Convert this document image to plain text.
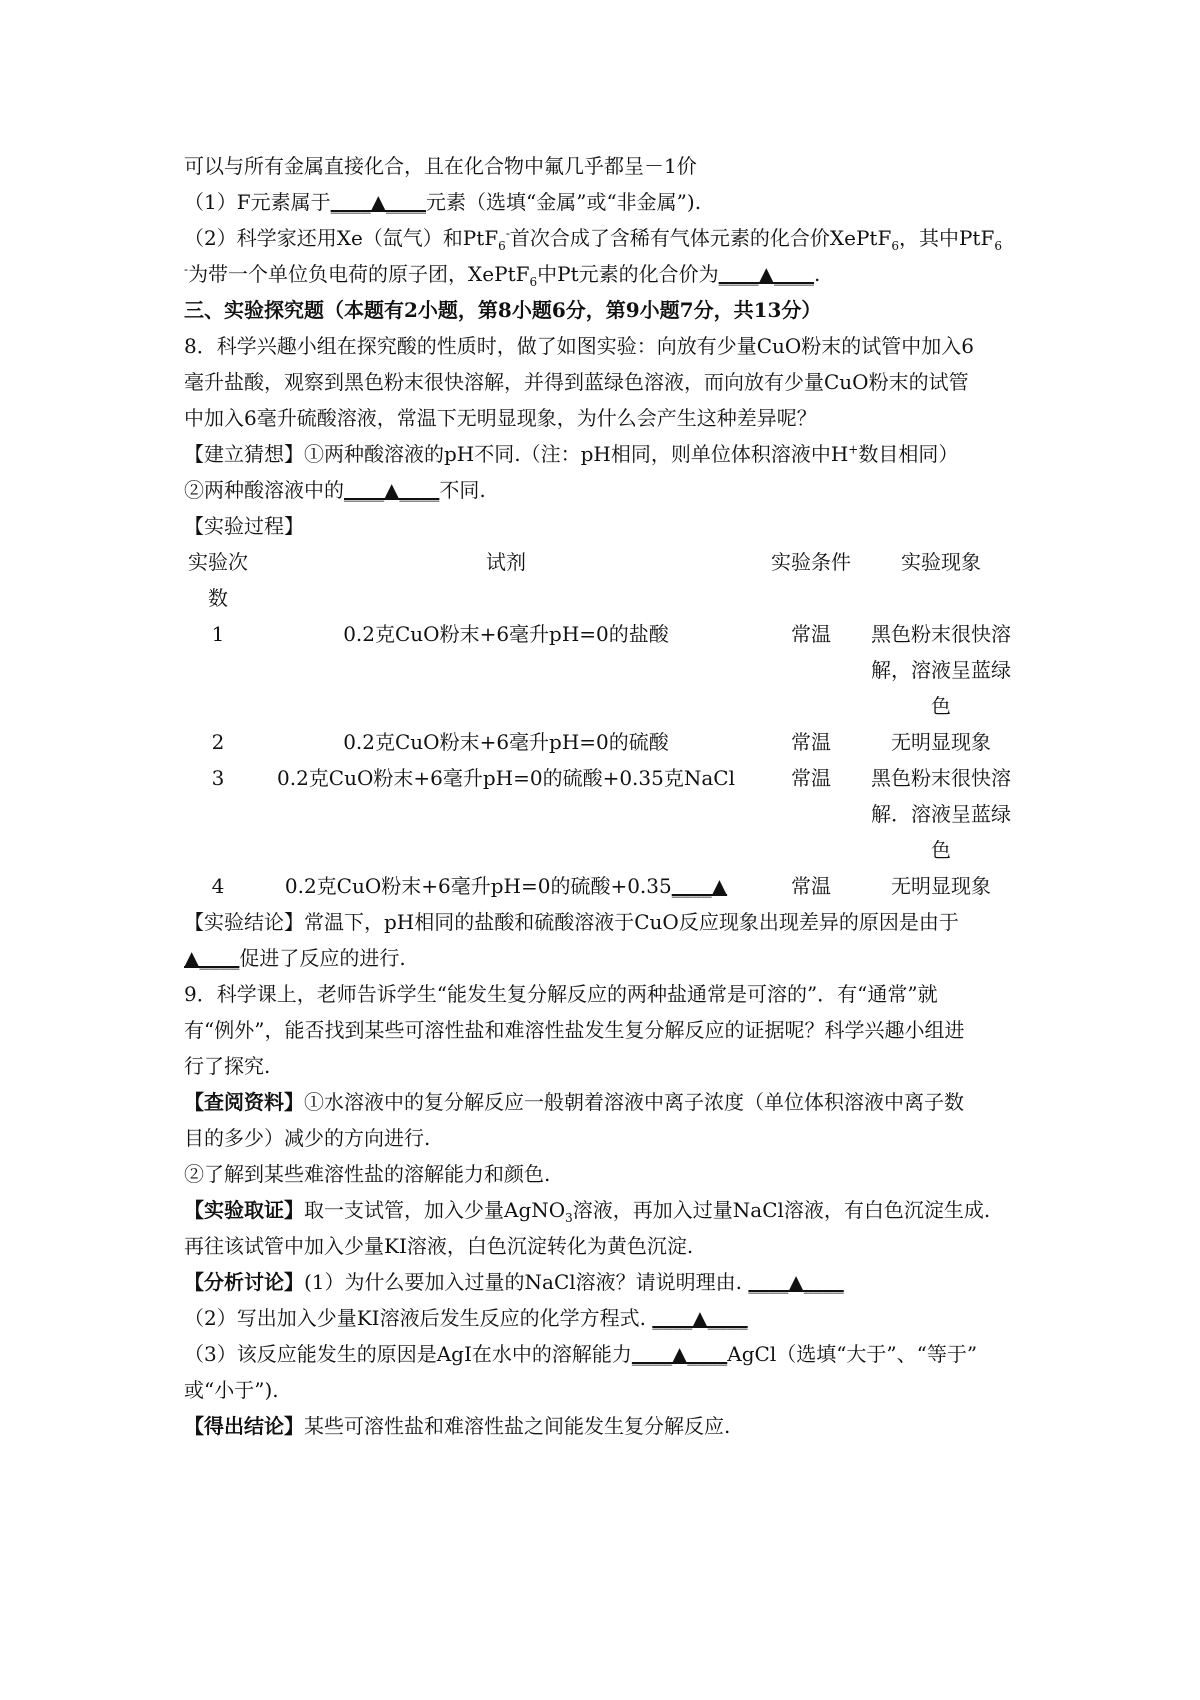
可以与所有金属直接化合，且在化合物中氟几乎都呈－1价
（1）F元素属于____▲____元素（选填“金属”或“非金属”).
（2）科学家还用Xe（氙气）和PtF$_6$-首次合成了含稀有气体元素的化合价XePtF$_6$，其中PtF$_6$
-为带一个单位负电荷的原子团，XePtF$_6$中Pt元素的化合价为____▲____.
三、实验探究题（本题有2小题，第8小题6分，第9小题7分，共13分）
8．科学兴趣小组在探究酸的性质时，做了如图实验：向放有少量CuO粉末的试管中加入6
毫升盐酸，观察到黑色粉末很快溶解，并得到蓝绿色溶液，而向放有少量CuO粉末的试管
中加入6毫升硫酸溶液，常温下无明显现象，为什么会产生这种差异呢？
【建立猜想】①两种酸溶液的pH不同.（注：pH相同，则单位体积溶液中H+数目相同）
②两种酸溶液中的____▲____不同.
【实验过程】
实验次
数	试剂	实验条件	实验现象
1	0.2克CuO粉末+6毫升pH=0的盐酸	常温	黑色粉末很快溶
解，溶液呈蓝绿
色

2	0.2克CuO粉末+6毫升pH=0的硫酸	常温	无明显现象
3	0.2克CuO粉末+6毫升pH=0的硫酸+0.35克NaCl	常温	黑色粉末很快溶
解．溶液呈蓝绿
色

4	0.2克CuO粉末+6毫升pH=0的硫酸+0.35____▲	常温	无明显现象
【实验结论】常温下，pH相同的盐酸和硫酸溶液于CuO反应现象出现差异的原因是由于
▲____促进了反应的进行.
9．科学课上，老师告诉学生“能发生复分解反应的两种盐通常是可溶的”．有“通常”就
有“例外”，能否找到某些可溶性盐和难溶性盐发生复分解反应的证据呢？科学兴趣小组进
行了探究.
【查阅资料】①水溶液中的复分解反应一般朝着溶液中离子浓度（单位体积溶液中离子数
目的多少）减少的方向进行.
②了解到某些难溶性盐的溶解能力和颜色.
【实验取证】取一支试管，加入少量AgNO$_3$溶液，再加入过量NaCl溶液，有白色沉淀生成.
再往该试管中加入少量KI溶液，白色沉淀转化为黄色沉淀.
【分析讨论】(1）为什么要加入过量的NaCl溶液？请说明理由. ____▲____
（2）写出加入少量KI溶液后发生反应的化学方程式. ____▲____
（3）该反应能发生的原因是AgI在水中的溶解能力____▲____AgCl（选填“大于”、“等于”
或“小于”).
【得出结论】某些可溶性盐和难溶性盐之间能发生复分解反应.
